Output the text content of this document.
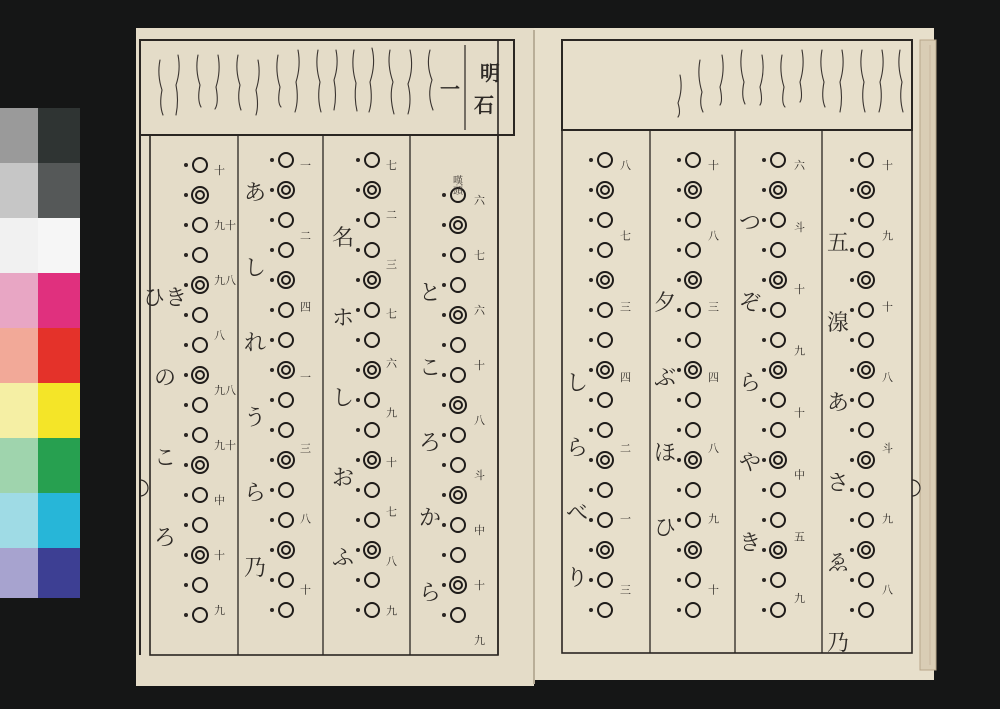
明
石
一
十
九十
九八
八
九八
九十
中
十
九
一
二
四
一
三
八
十
七
二
三
七
六
九
十
七
八
九
六
七
六
十
八
斗
中
十
九
八
七
三
四
二
一
三
十
八
三
四
八
九
十
六
斗
十
九
十
中
五
九
十
九
十
八
斗
九
八
ひき
の
こ
ろ
あ
し
れ
う
ら
乃
名
ホ
し
お
ふ
と
こ
ろ
か
ら
し
ら
べ
り
夕
ぶ
ほ
ひ
つ
ぞ
ら
や
き
五
湶
あ
さ
ゑ
乃
嘆頭
